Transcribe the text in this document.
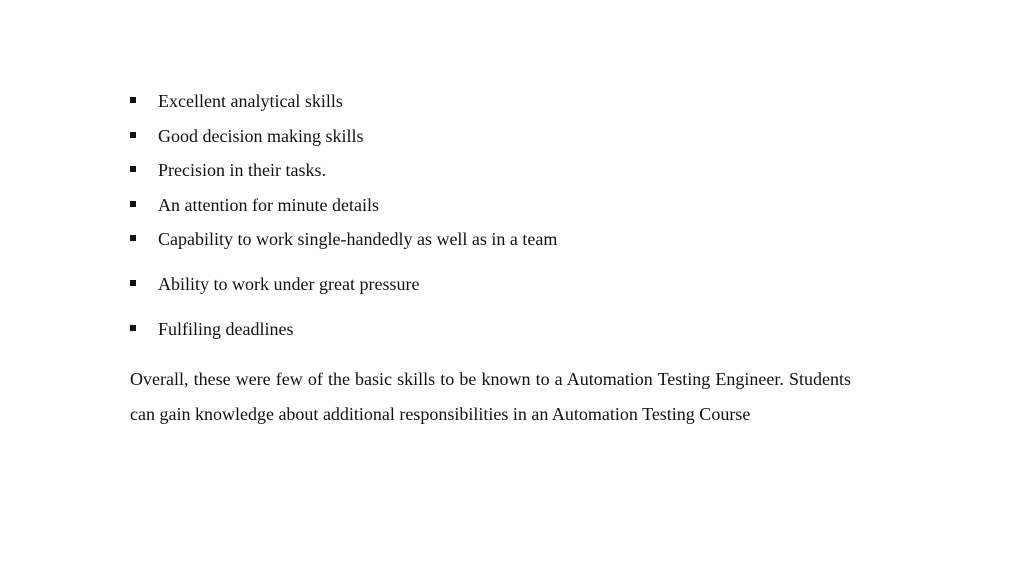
Excellent analytical skills
Good decision making skills
Precision in their tasks.
An attention for minute details
Capability to work single-handedly as well as in a team
Ability to work under great pressure
Fulfiling deadlines

Overall, these were few of the basic skills to be known to a Automation Testing Engineer. Students can gain knowledge about additional responsibilities in an Automation Testing Course
